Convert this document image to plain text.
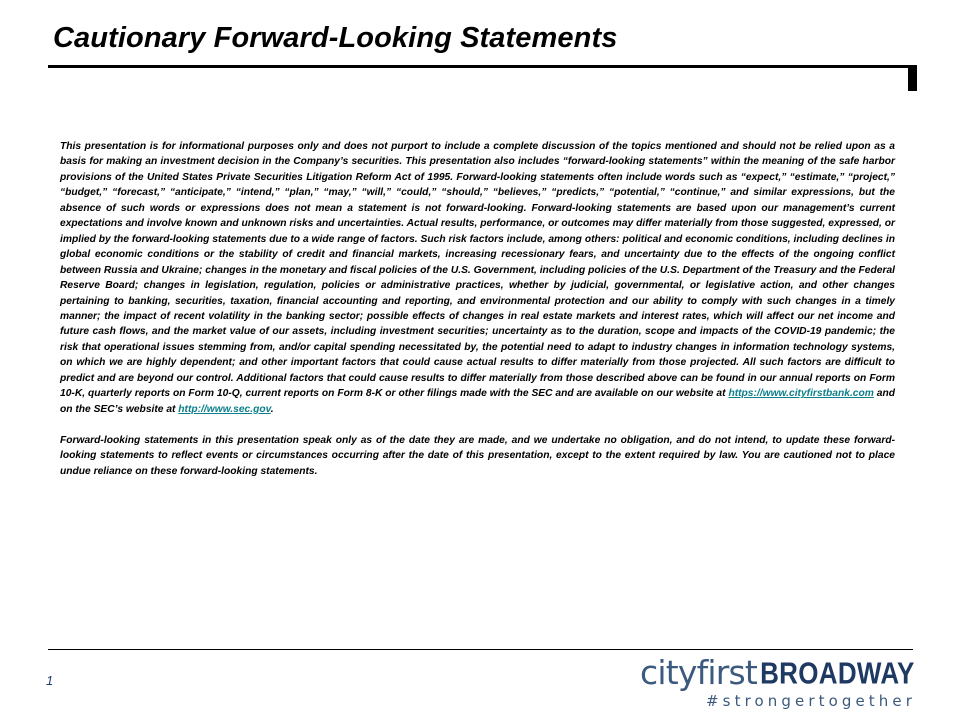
Cautionary Forward-Looking Statements

This presentation is for informational purposes only and does not purport to include a complete discussion of the topics mentioned and should not be relied upon as a basis for making an investment decision in the Company’s securities. This presentation also includes “forward-looking statements” within the meaning of the safe harbor provisions of the United States Private Securities Litigation Reform Act of 1995. Forward-looking statements often include words such as “expect,” “estimate,” “project,” “budget,” “forecast,” “anticipate,” “intend,” “plan,” “may,” “will,” “could,” “should,” “believes,” “predicts,” “potential,” “continue,” and similar expressions, but the absence of such words or expressions does not mean a statement is not forward-looking. Forward-looking statements are based upon our management’s current expectations and involve known and unknown risks and uncertainties. Actual results, performance, or outcomes may differ materially from those suggested, expressed, or implied by the forward-looking statements due to a wide range of factors. Such risk factors include, among others: political and economic conditions, including declines in global economic conditions or the stability of credit and financial markets, increasing recessionary fears, and uncertainty due to the effects of the ongoing conflict between Russia and Ukraine; changes in the monetary and fiscal policies of the U.S. Government, including policies of the U.S. Department of the Treasury and the Federal Reserve Board; changes in legislation, regulation, policies or administrative practices, whether by judicial, governmental, or legislative action, and other changes pertaining to banking, securities, taxation, financial accounting and reporting, and environmental protection and our ability to comply with such changes in a timely manner; the impact of recent volatility in the banking sector; possible effects of changes in real estate markets and interest rates, which will affect our net income and future cash flows, and the market value of our assets, including investment securities; uncertainty as to the duration, scope and impacts of the COVID-19 pandemic; the risk that operational issues stemming from, and/or capital spending necessitated by, the potential need to adapt to industry changes in information technology systems, on which we are highly dependent; and other important factors that could cause actual results to differ materially from those projected. All such factors are difficult to predict and are beyond our control. Additional factors that could cause results to differ materially from those described above can be found in our annual reports on Form 10-K, quarterly reports on Form 10-Q, current reports on Form 8-K or other filings made with the SEC and are available on our website at https://www.cityfirstbank.com and on the SEC’s website at http://www.sec.gov.

Forward-looking statements in this presentation speak only as of the date they are made, and we undertake no obligation, and do not intend, to update these forward-looking statements to reflect events or circumstances occurring after the date of this presentation, except to the extent required by law. You are cautioned not to place undue reliance on these forward-looking statements.

1	cityfirst BROADWAY
#strongertogether
